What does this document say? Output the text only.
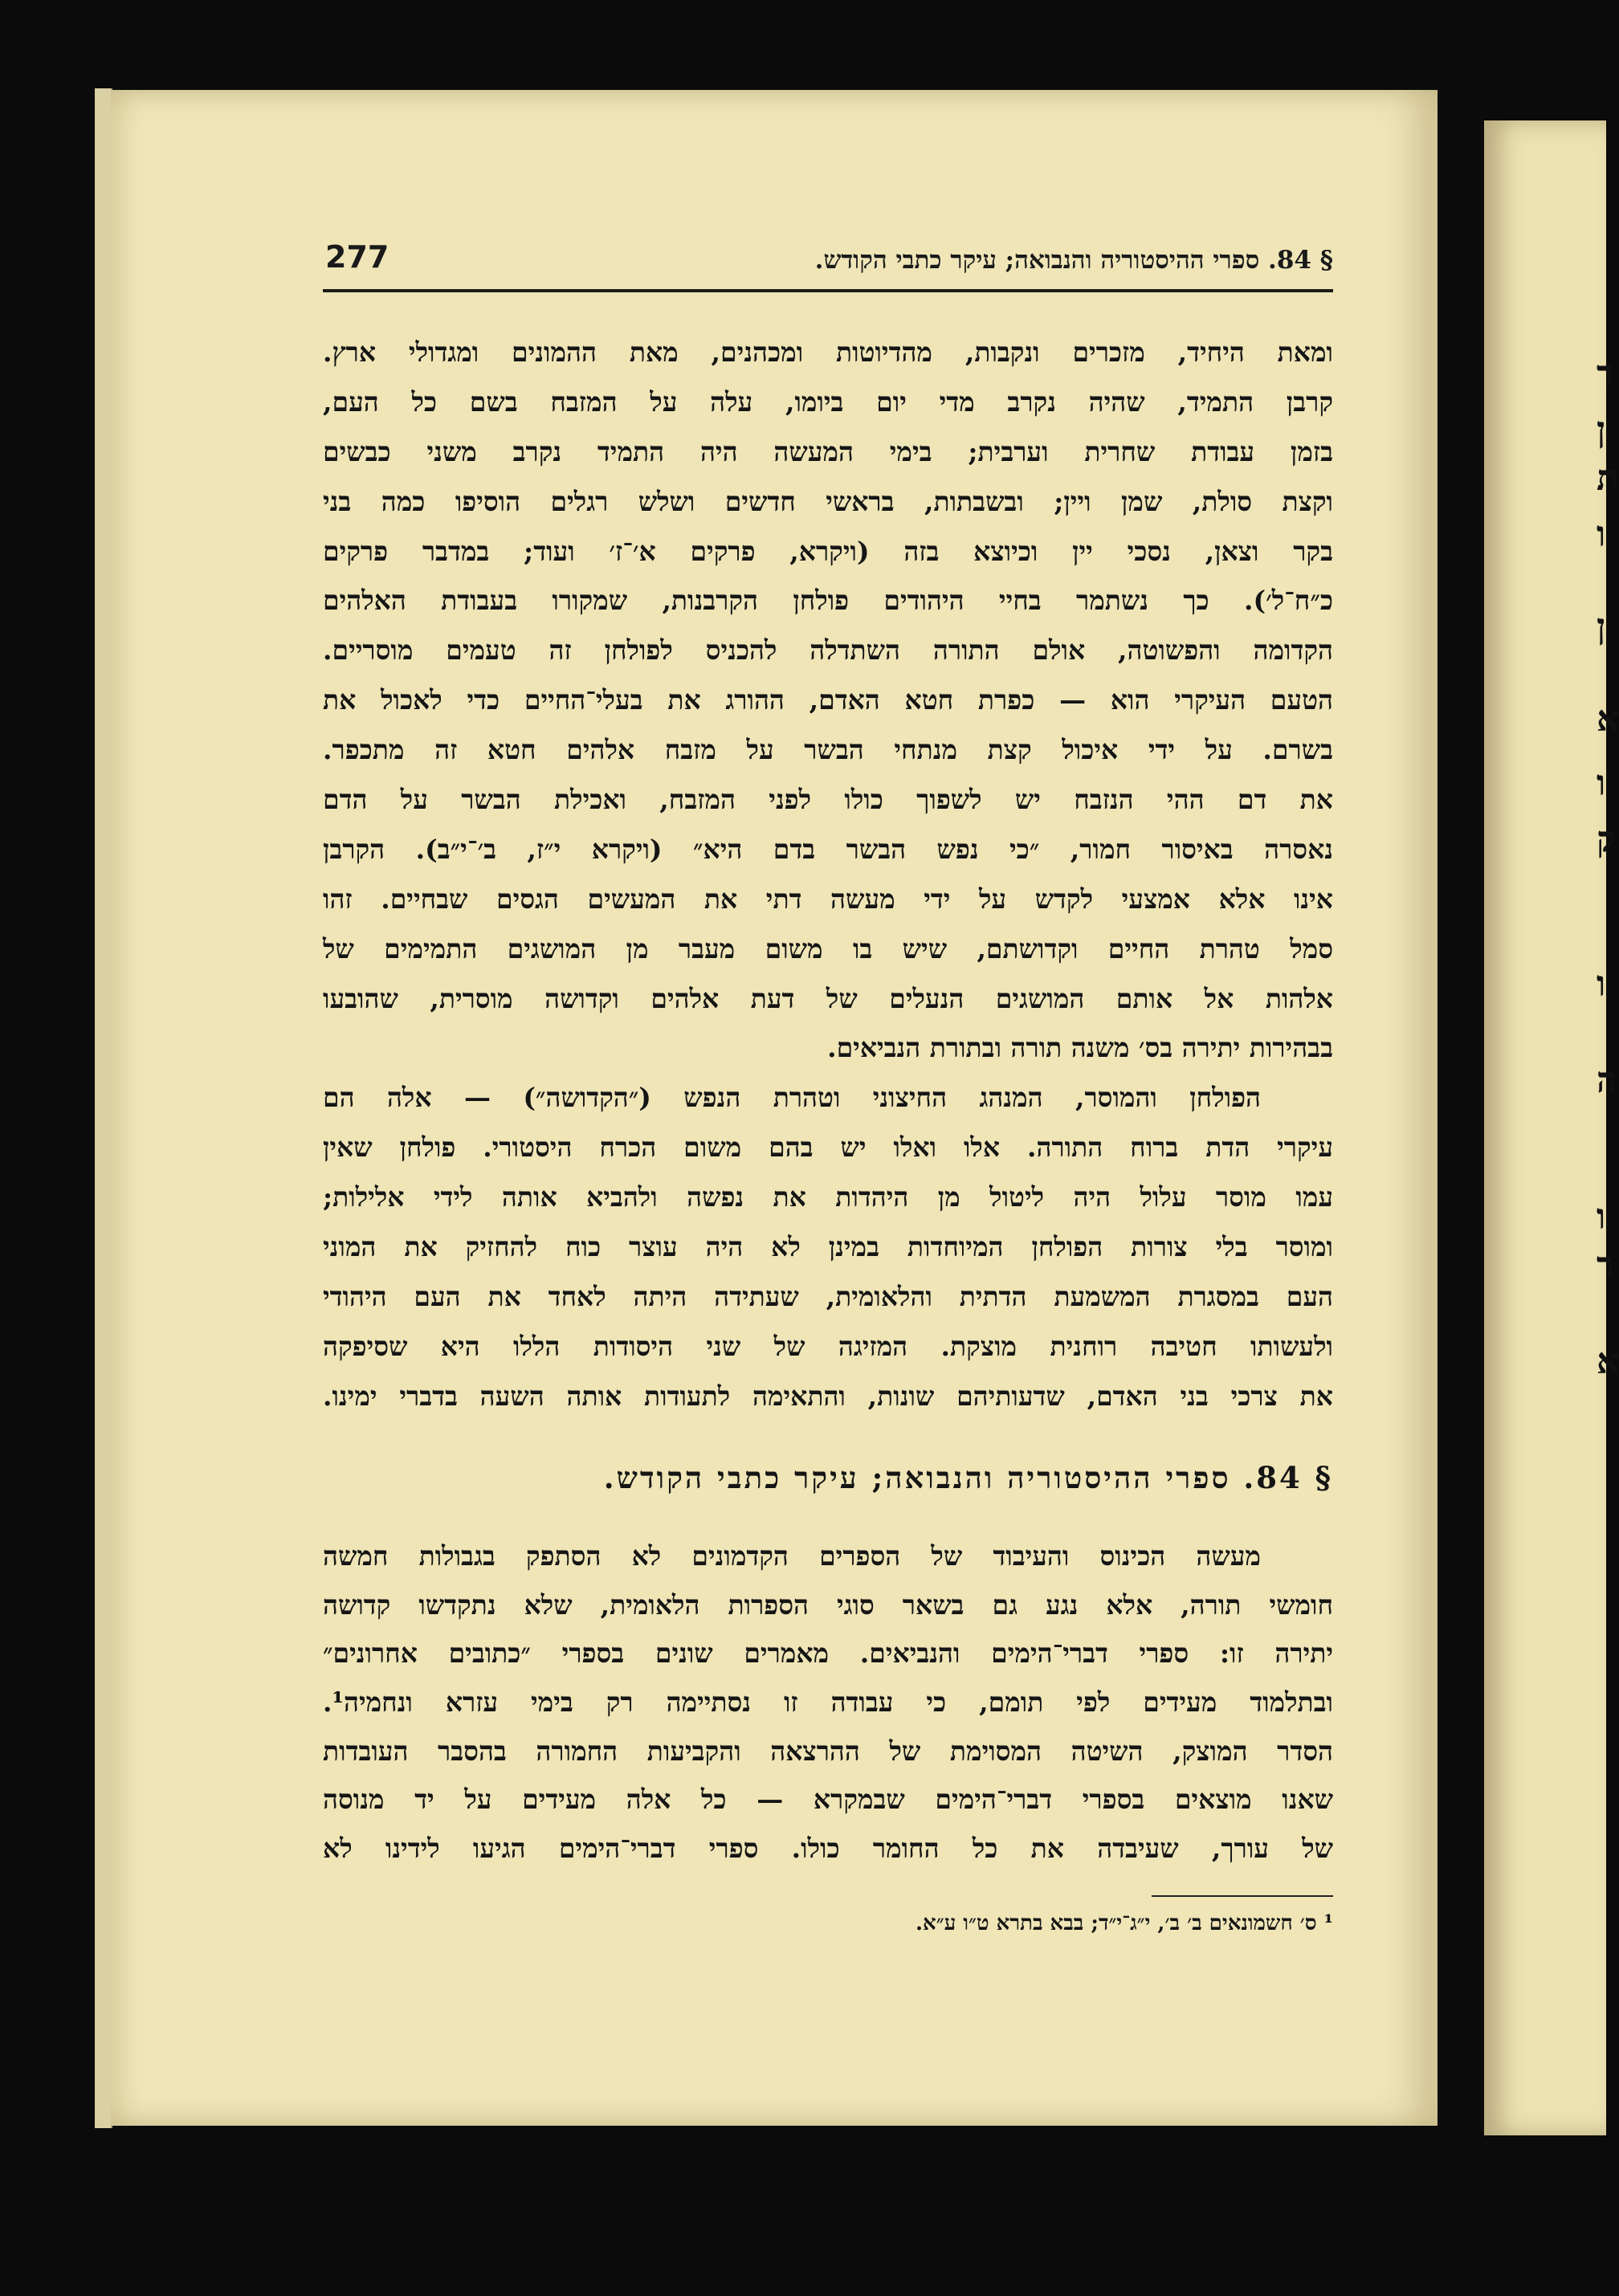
ד
ן
ת
ו
ן
א
ו
ק
ו
ה
ו
ר
א
277	§ 84. ספרי ההיסטוריה והנבואה; עיקר כתבי הקודש.
ומאת היחיד, מזכרים ונקבות, מהדיוטות ומכהנים, מאת ההמונים ומגדולי ארץ.
קרבן התמיד, שהיה נקרב מדי יום ביומו, עלה על המזבח בשם כל העם,
בזמן עבודת שחרית וערבית; בימי המעשה היה התמיד נקרב משני כבשים
וקצת סולת, שמן ויין; ובשבתות, בראשי חדשים ושלש רגלים הוסיפו כמה בני
בקר וצאן, נסכי יין וכיוצא בזה (ויקרא, פרקים א׳־ז׳ ועוד; במדבר פרקים
כ״ח־ל׳). כך נשתמר בחיי היהודים פולחן הקרבנות, שמקורו בעבודת האלהים
הקדומה והפשוטה, אולם התורה השתדלה להכניס לפולחן זה טעמים מוסריים.
הטעם העיקרי הוא — כפרת חטא האדם, ההורג את בעלי־החיים כדי לאכול את
בשרם. על ידי איכול קצת מנתחי הבשר על מזבח אלהים חטא זה מתכפר.
את דם ההי הנזבח יש לשפוך כולו לפני המזבח, ואכילת הבשר על הדם
נאסרה באיסור חמור, ״כי נפש הבשר בדם היא״ (ויקרא י״ז, ב׳־י״ב). הקרבן
אינו אלא אמצעי לקדש על ידי מעשה דתי את המעשים הגסים שבחיים. זהו
סמל טהרת החיים וקדושתם, שיש בו משום מעבר מן המושגים התמימים של
אלהות אל אותם המושגים הנעלים של דעת אלהים וקדושה מוסרית, שהובעו
בבהירות יתירה בס׳ משנה תורה ובתורת הנביאים.
הפולחן והמוסר, המנהג החיצוני וטהרת הנפש (״הקדושה״) — אלה הם
עיקרי הדת ברוח התורה. אלו ואלו יש בהם משום הכרח היסטורי. פולחן שאין
עמו מוסר עלול היה ליטול מן היהדות את נפשה ולהביא אותה לידי אלילות;
ומוסר בלי צורות הפולחן המיוחדות במינן לא היה עוצר כוח להחזיק את המוני
העם במסגרת המשמעת הדתית והלאומית, שעתידה היתה לאחד את העם היהודי
ולעשותו חטיבה רוחנית מוצקת. המזיגה של שני היסודות הללו היא שסיפקה
את צרכי בני האדם, שדעותיהם שונות, והתאימה לתעודות אותה השעה בדברי ימינו.
§ 84. ספרי ההיסטוריה והנבואה; עיקר כתבי הקודש.
מעשה הכינוס והעיבוד של הספרים הקדמונים לא הסתפק בגבולות חמשה
חומשי תורה, אלא נגע גם בשאר סוגי הספרות הלאומית, שלא נתקדשו קדושה
יתירה זו: ספרי דברי־הימים והנביאים. מאמרים שונים בספרי ״כתובים אחרונים״
ובתלמוד מעידים לפי תומם, כי עבודה זו נסתיימה רק בימי עזרא ונחמיה¹.
הסדר המוצק, השיטה המסוימת של ההרצאה והקביעות החמורה בהסבר העובדות
שאנו מוצאים בספרי דברי־הימים שבמקרא — כל אלה מעידים על יד מנוסה
של עורך, שעיבדה את כל החומר כולו. ספרי דברי־הימים הגיעו לידינו לא
¹ ס׳ חשמונאים ב׳ ב׳, י״ג־י״ד; בבא בתרא ט״ו ע״א.
